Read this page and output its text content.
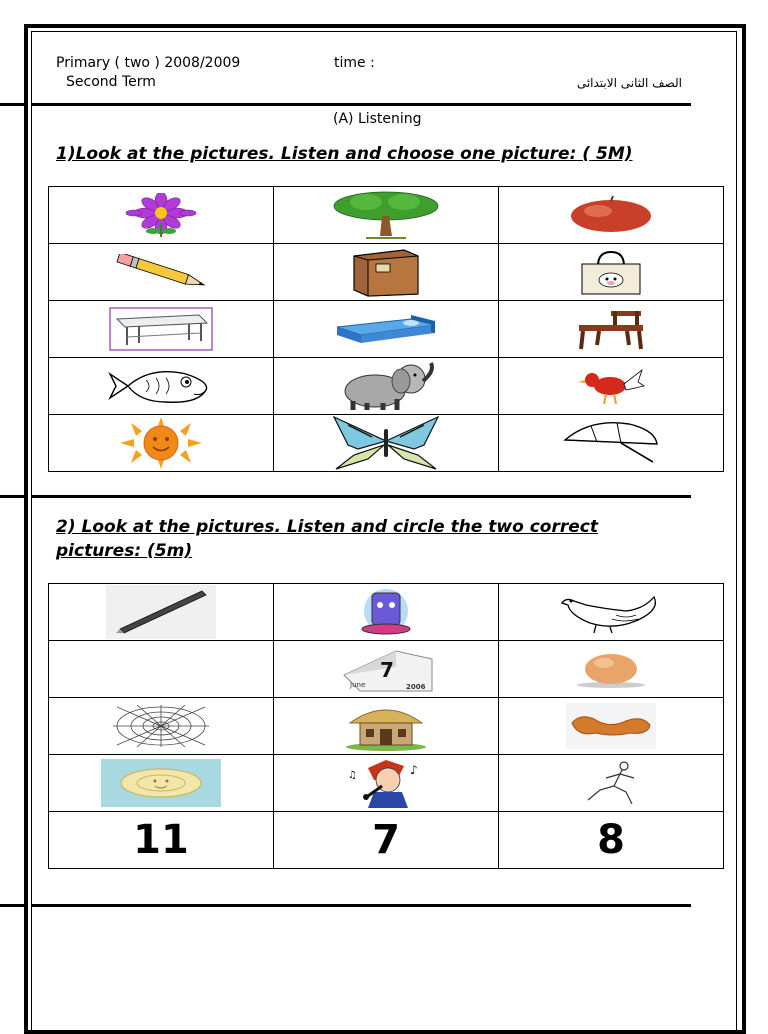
Primary ( two ) 2008/2009	time :
Second Term	الصف الثانى الابتدائى
(A) Listening
1)Look at the pictures. Listen and choose one picture: ( 5M)

2) Look at the pictures. Listen and circle the two correct
pictures: (5m)

7
June 2006

♪
♫

11	7	8
